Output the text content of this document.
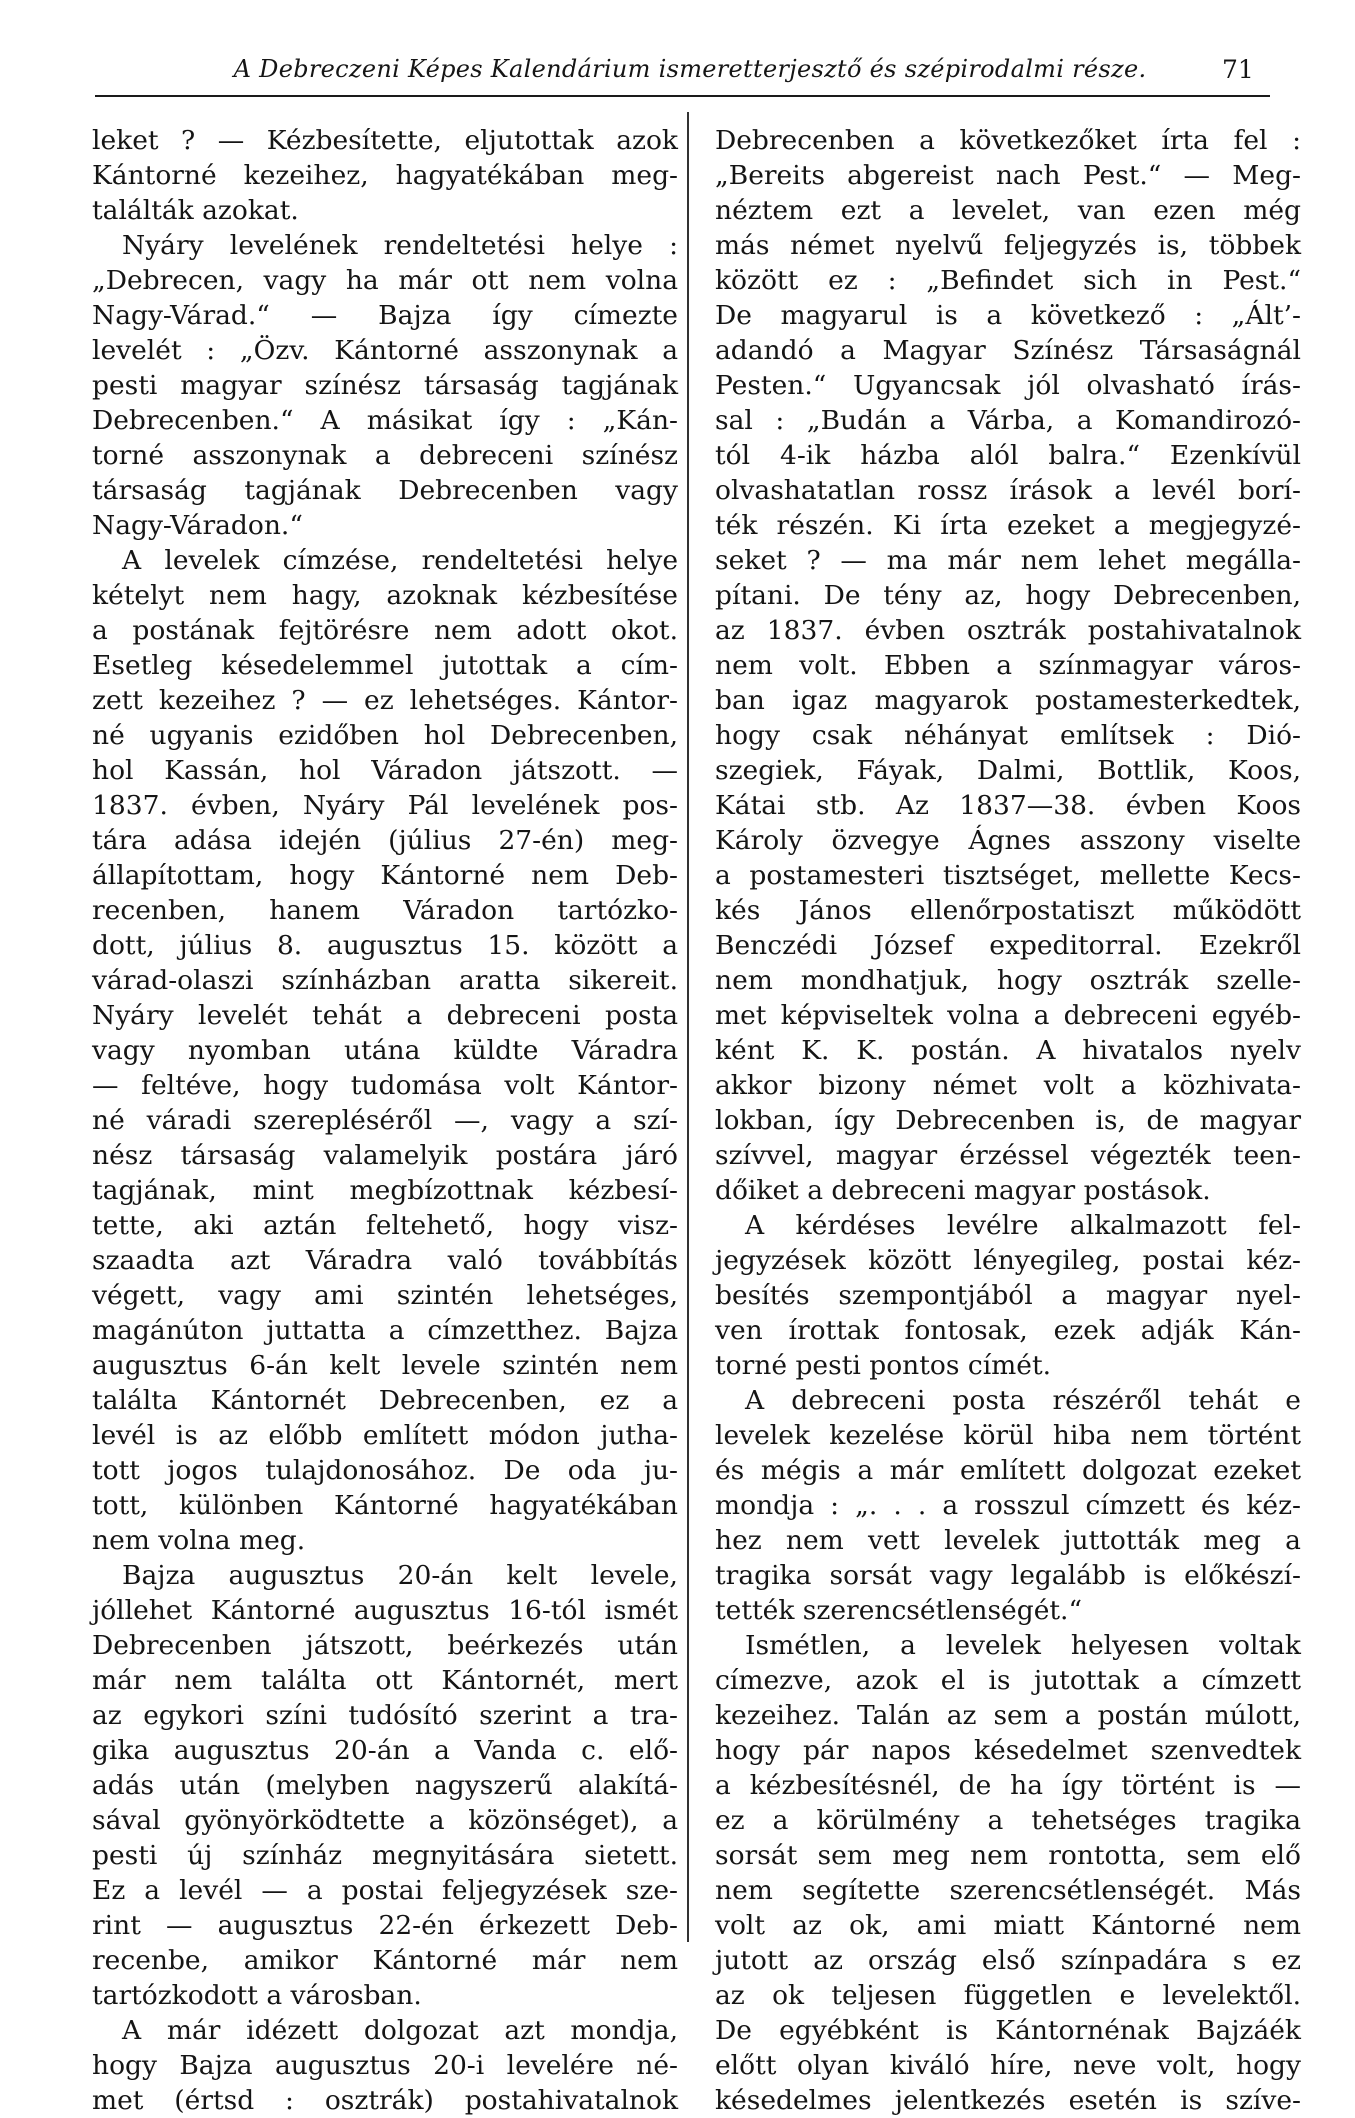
A Debreczeni Képes Kalendárium ismeretterjesztő és szépirodalmi része.	71
leket ? — Kézbesítette, eljutottak azok
Kántorné kezeihez, hagyatékában meg-
találták azokat.
Nyáry levelének rendeltetési helye :
„Debrecen, vagy ha már ott nem volna
Nagy-Várad.“ — Bajza így címezte
levelét : „Özv. Kántorné asszonynak a
pesti magyar színész társaság tagjának
Debrecenben.“ A másikat így : „Kán-
torné asszonynak a debreceni színész
társaság tagjának Debrecenben vagy
Nagy-Váradon.“
A levelek címzése, rendeltetési helye
kételyt nem hagy, azoknak kézbesítése
a postának fejtörésre nem adott okot.
Esetleg késedelemmel jutottak a cím-
zett kezeihez ? — ez lehetséges. Kántor-
né ugyanis ezidőben hol Debrecenben,
hol Kassán, hol Váradon játszott. —
1837. évben, Nyáry Pál levelének pos-
tára adása idején (július 27-én) meg-
állapítottam, hogy Kántorné nem Deb-
recenben, hanem Váradon tartózko-
dott, július 8. augusztus 15. között a
várad-olaszi színházban aratta sikereit.
Nyáry levelét tehát a debreceni posta
vagy nyomban utána küldte Váradra
— feltéve, hogy tudomása volt Kántor-
né váradi szerepléséről —, vagy a szí-
nész társaság valamelyik postára járó
tagjának, mint megbízottnak kézbesí-
tette, aki aztán feltehető, hogy visz-
szaadta azt Váradra való továbbítás
végett, vagy ami szintén lehetséges,
magánúton juttatta a címzetthez. Bajza
augusztus 6-án kelt levele szintén nem
találta Kántornét Debrecenben, ez a
levél is az előbb említett módon jutha-
tott jogos tulajdonosához. De oda ju-
tott, különben Kántorné hagyatékában
nem volna meg.
Bajza augusztus 20-án kelt levele,
jóllehet Kántorné augusztus 16-tól ismét
Debrecenben játszott, beérkezés után
már nem találta ott Kántornét, mert
az egykori színi tudósító szerint a tra-
gika augusztus 20-án a Vanda c. elő-
adás után (melyben nagyszerű alakítá-
sával gyönyörködtette a közönséget), a
pesti új színház megnyitására sietett.
Ez a levél — a postai feljegyzések sze-
rint — augusztus 22-én érkezett Deb-
recenbe, amikor Kántorné már nem
tartózkodott a városban.
A már idézett dolgozat azt mondja,
hogy Bajza augusztus 20-i levelére né-
met (értsd : osztrák) postahivatalnok
Debrecenben a következőket írta fel :
„Bereits abgereist nach Pest.“ — Meg-
néztem ezt a levelet, van ezen még
más német nyelvű feljegyzés is, többek
között ez : „Befindet sich in Pest.“
De magyarul is a következő : „Ált’-
adandó a Magyar Színész Társaságnál
Pesten.“ Ugyancsak jól olvasható írás-
sal : „Budán a Várba, a Komandirozó-
tól 4-ik házba alól balra.“ Ezenkívül
olvashatatlan rossz írások a levél borí-
ték részén. Ki írta ezeket a megjegyzé-
seket ? — ma már nem lehet megálla-
pítani. De tény az, hogy Debrecenben,
az 1837. évben osztrák postahivatalnok
nem volt. Ebben a színmagyar város-
ban igaz magyarok postamesterkedtek,
hogy csak néhányat említsek : Dió-
szegiek, Fáyak, Dalmi, Bottlik, Koos,
Kátai stb. Az 1837—38. évben Koos
Károly özvegye Ágnes asszony viselte
a postamesteri tisztséget, mellette Kecs-
kés János ellenőrpostatiszt működött
Benczédi József expeditorral. Ezekről
nem mondhatjuk, hogy osztrák szelle-
met képviseltek volna a debreceni egyéb-
ként K. K. postán. A hivatalos nyelv
akkor bizony német volt a közhivata-
lokban, így Debrecenben is, de magyar
szívvel, magyar érzéssel végezték teen-
dőiket a debreceni magyar postások.
A kérdéses levélre alkalmazott fel-
jegyzések között lényegileg, postai kéz-
besítés szempontjából a magyar nyel-
ven írottak fontosak, ezek adják Kán-
torné pesti pontos címét.
A debreceni posta részéről tehát e
levelek kezelése körül hiba nem történt
és mégis a már említett dolgozat ezeket
mondja : „. . . a rosszul címzett és kéz-
hez nem vett levelek juttották meg a
tragika sorsát vagy legalább is előkészí-
tették szerencsétlenségét.“
Ismétlen, a levelek helyesen voltak
címezve, azok el is jutottak a címzett
kezeihez. Talán az sem a postán múlott,
hogy pár napos késedelmet szenvedtek
a kézbesítésnél, de ha így történt is —
ez a körülmény a tehetséges tragika
sorsát sem meg nem rontotta, sem elő
nem segítette szerencsétlenségét. Más
volt az ok, ami miatt Kántorné nem
jutott az ország első színpadára s ez
az ok teljesen független e levelektől.
De egyébként is Kántornénak Bajzáék
előtt olyan kiváló híre, neve volt, hogy
késedelmes jelentkezés esetén is szíve-
